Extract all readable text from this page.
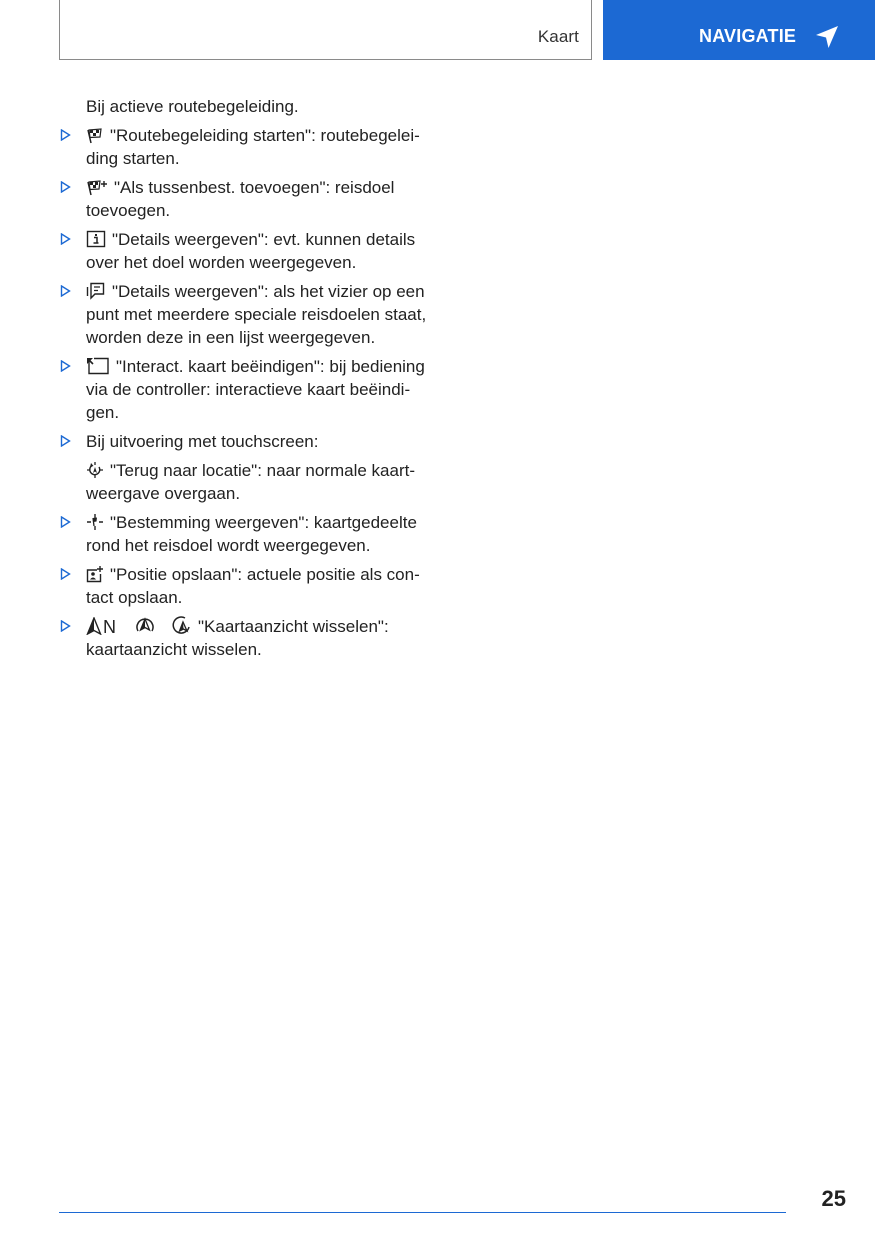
Kaart	NAVIGATIE
Bij actieve routebegeleiding.
"Routebegeleiding starten": routebegelei-
ding starten.
"Als tussenbest. toevoegen": reisdoel
toevoegen.
"Details weergeven": evt. kunnen details
over het doel worden weergegeven.
"Details weergeven": als het vizier op een
punt met meerdere speciale reisdoelen staat,
worden deze in een lijst weergegeven.
"Interact. kaart beëindigen": bij bediening
via de controller: interactieve kaart beëindi-
gen.
Bij uitvoering met touchscreen:
"Terug naar locatie": naar normale kaart-
weergave overgaan.
"Bestemming weergeven": kaartgedeelte
rond het reisdoel wordt weergegeven.
"Positie opslaan": actuele positie als con-
tact opslaan.
N	"Kaartaanzicht wisselen":
kaartaanzicht wisselen.
25
